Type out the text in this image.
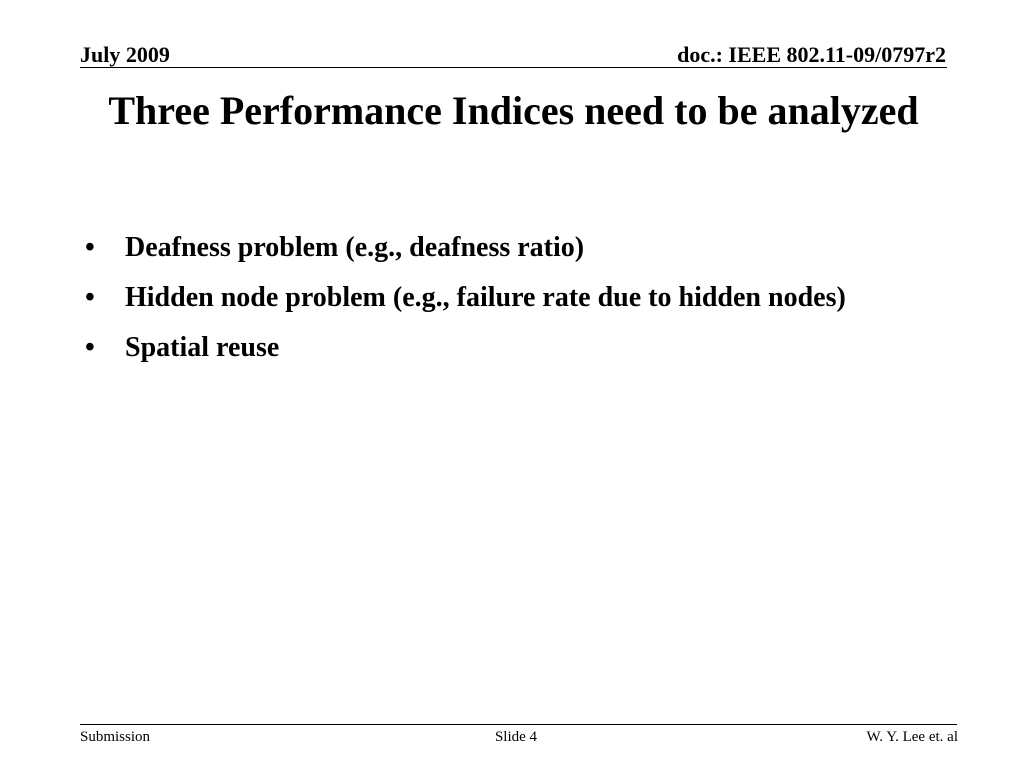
July 2009	doc.: IEEE 802.11-09/0797r2
Three Performance Indices need to be analyzed
•	Deafness problem (e.g., deafness ratio)
•	Hidden node problem (e.g., failure rate due to hidden nodes)
•	Spatial reuse
Submission	Slide 4	W. Y. Lee et. al
